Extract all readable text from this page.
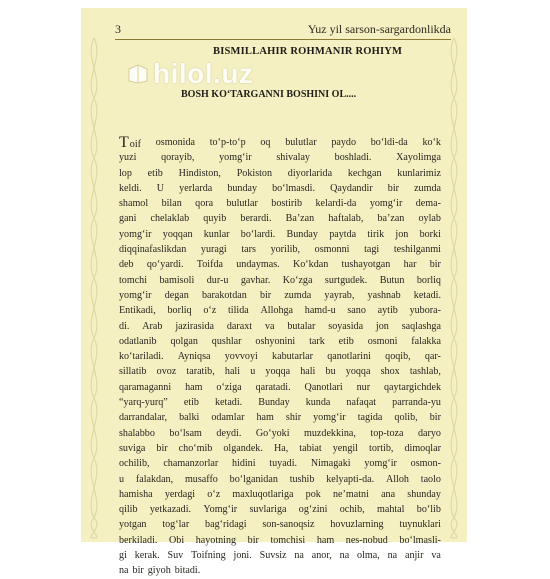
3	Yuz yil sarson-sargardonlikda
hilol.uz
BISMILLAHIR ROHMANIR ROHIYM
BOSH KO‘TARGANNI BOSHINI OL....
Toif osmonida to‘p-to‘p oq bulutlar paydo bo‘ldi-da ko‘k
yuzi qorayib, yomg‘ir shivalay boshladi. Xayolimga
lop etib Hindiston, Pokiston diyorlarida kechgan kunlarimiz
keldi. U yerlarda bunday bo‘lmasdi. Qaydandir bir zumda
shamol bilan qora bulutlar bostirib kelardi-da yomg‘ir dema-
gani chelaklab quyib berardi. Ba’zan haftalab, ba’zan oylab
yomg‘ir yoqqan kunlar bo‘lardi. Bunday paytda tirik jon borki
diqqinafaslikdan yuragi tars yorilib, osmonni tagi teshilganmi
deb qo‘yardi. Toifda undaymas. Ko‘kdan tushayotgan har bir
tomchi bamisoli dur-u gavhar. Ko‘zga surtgudek. Butun borliq
yomg‘ir degan barakotdan bir zumda yayrab, yashnab ketadi.
Entikadi, borliq o‘z tilida Allohga hamd-u sano aytib yubora-
di. Arab jazirasida daraxt va butalar soyasida jon saqlashga
odatlanib qolgan qushlar oshyonini tark etib osmoni falakka
ko‘tariladi. Ayniqsa yovvoyi kabutarlar qanotlarini qoqib, qar-
sillatib ovoz taratib, hali u yoqqa hali bu yoqqa shox tashlab,
qaramaganni ham o‘ziga qaratadi. Qanotlari nur qaytargichdek
“yarq-yurq” etib ketadi. Bunday kunda nafaqat parranda-yu
darrandalar, balki odamlar ham shir yomg‘ir tagida qolib, bir
shalabbo bo‘lsam deydi. Go‘yoki muzdekkina, top-toza daryo
suviga bir cho‘mib olgandek. Ha, tabiat yengil tortib, dimoqlar
ochilib, chamanzorlar hidini tuyadi. Nimagaki yomg‘ir osmon-
u falakdan, musaffo bo‘lganidan tushib kelyapti-da. Alloh taolo
hamisha yerdagi o‘z maxluqotlariga pok ne’matni ana shunday
qilib yetkazadi. Yomg‘ir suvlariga og‘zini ochib, mahtal bo‘lib
yotgan tog‘lar bag‘ridagi son-sanoqsiz hovuzlarning tuynuklari
berkiladi. Obi hayotning bir tomchisi ham nes-nobud bo‘lmasli-
gi kerak. Suv Toifning joni. Suvsiz na anor, na olma, na anjir va
na bir giyoh bitadi.
